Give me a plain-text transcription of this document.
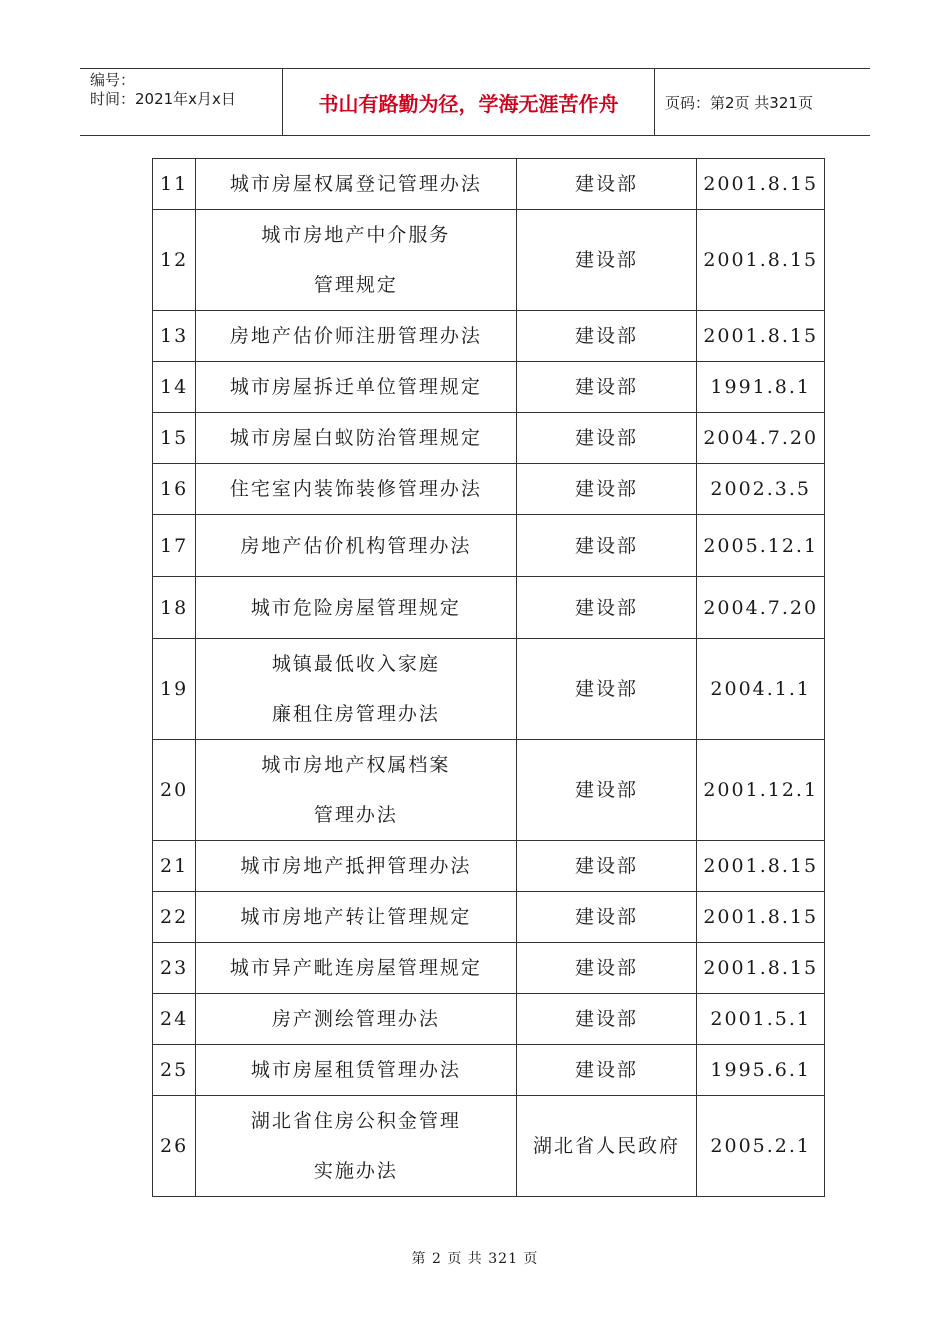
编号：
时间：2021年x月x日	书山有路勤为径，学海无涯苦作舟	页码：第2页 共321页
11	城市房屋权属登记管理办法	建设部	2001.8.15
12	城市房地产中介服务
管理规定	建设部	2001.8.15
13	房地产估价师注册管理办法	建设部	2001.8.15
14	城市房屋拆迁单位管理规定	建设部	1991.8.1
15	城市房屋白蚁防治管理规定	建设部	2004.7.20
16	住宅室内装饰装修管理办法	建设部	2002.3.5
17	房地产估价机构管理办法	建设部	2005.12.1
18	城市危险房屋管理规定	建设部	2004.7.20
19	城镇最低收入家庭
廉租住房管理办法	建设部	2004.1.1
20	城市房地产权属档案
管理办法	建设部	2001.12.1
21	城市房地产抵押管理办法	建设部	2001.8.15
22	城市房地产转让管理规定	建设部	2001.8.15
23	城市异产毗连房屋管理规定	建设部	2001.8.15
24	房产测绘管理办法	建设部	2001.5.1
25	城市房屋租赁管理办法	建设部	1995.6.1
26	湖北省住房公积金管理
实施办法	湖北省人民政府	2005.2.1
第 2 页 共 321 页
